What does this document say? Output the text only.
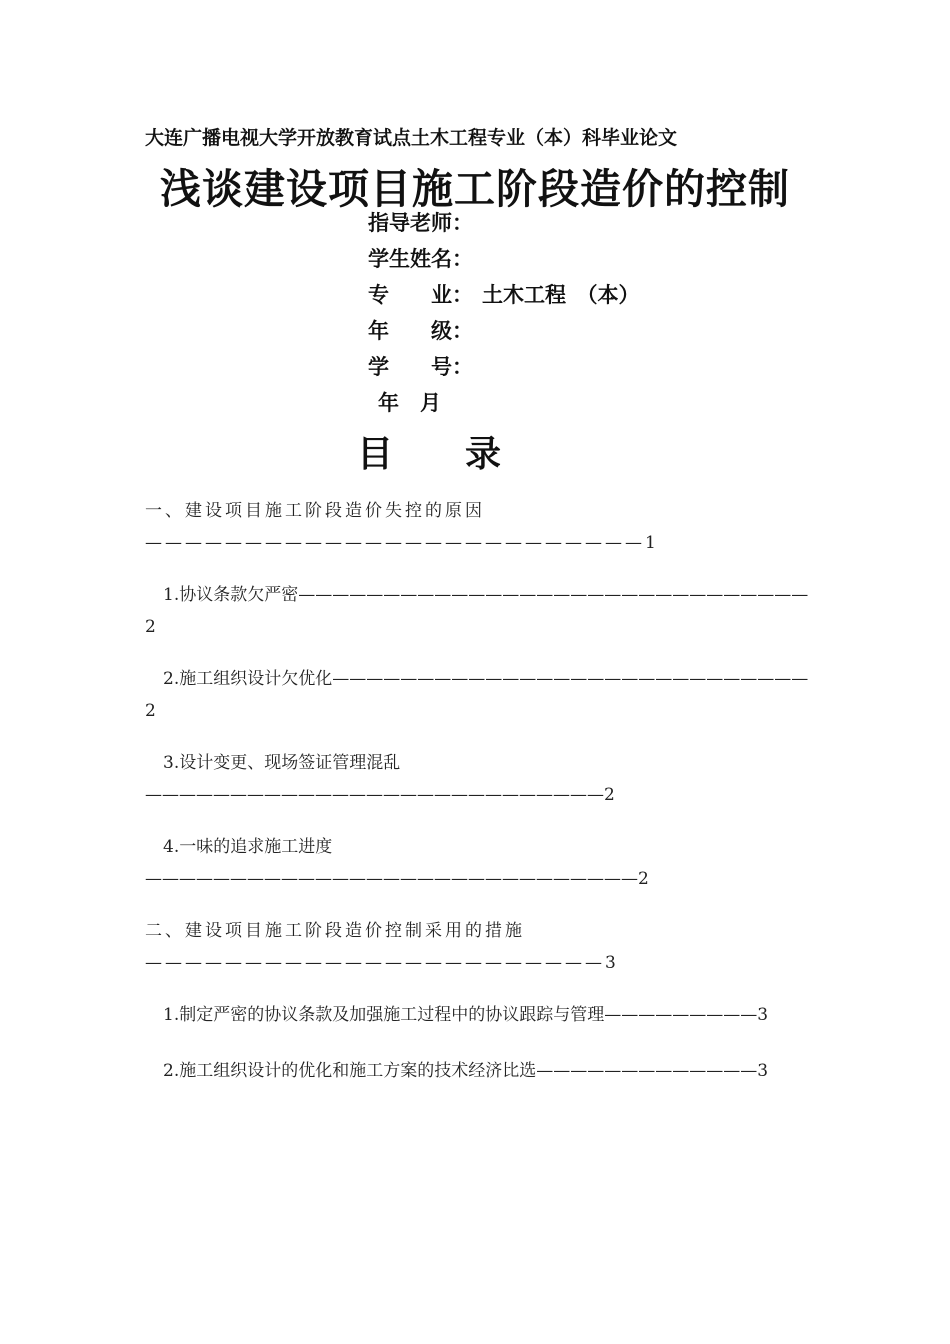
大连广播电视大学开放教育试点土木工程专业（本）科毕业论文
浅谈建设项目施工阶段造价的控制
指导老师：
学生姓名：
专　　业： 土木工程　（本）
年　　级：
学　　号：
年　月
目　　录
一、建设项目施工阶段造价失控的原因—————————————————————————1
1.协议条款欠严密——————————————————————————————2
2.施工组织设计欠优化————————————————————————————2
3.设计变更、现场签证管理混乱———————————————————————————2
4.一味的追求施工进度—————————————————————————————2
二、建设项目施工阶段造价控制采用的措施———————————————————————3
1.制定严密的协议条款及加强施工过程中的协议跟踪与管理—————————3
2.施工组织设计的优化和施工方案的技术经济比选—————————————3
